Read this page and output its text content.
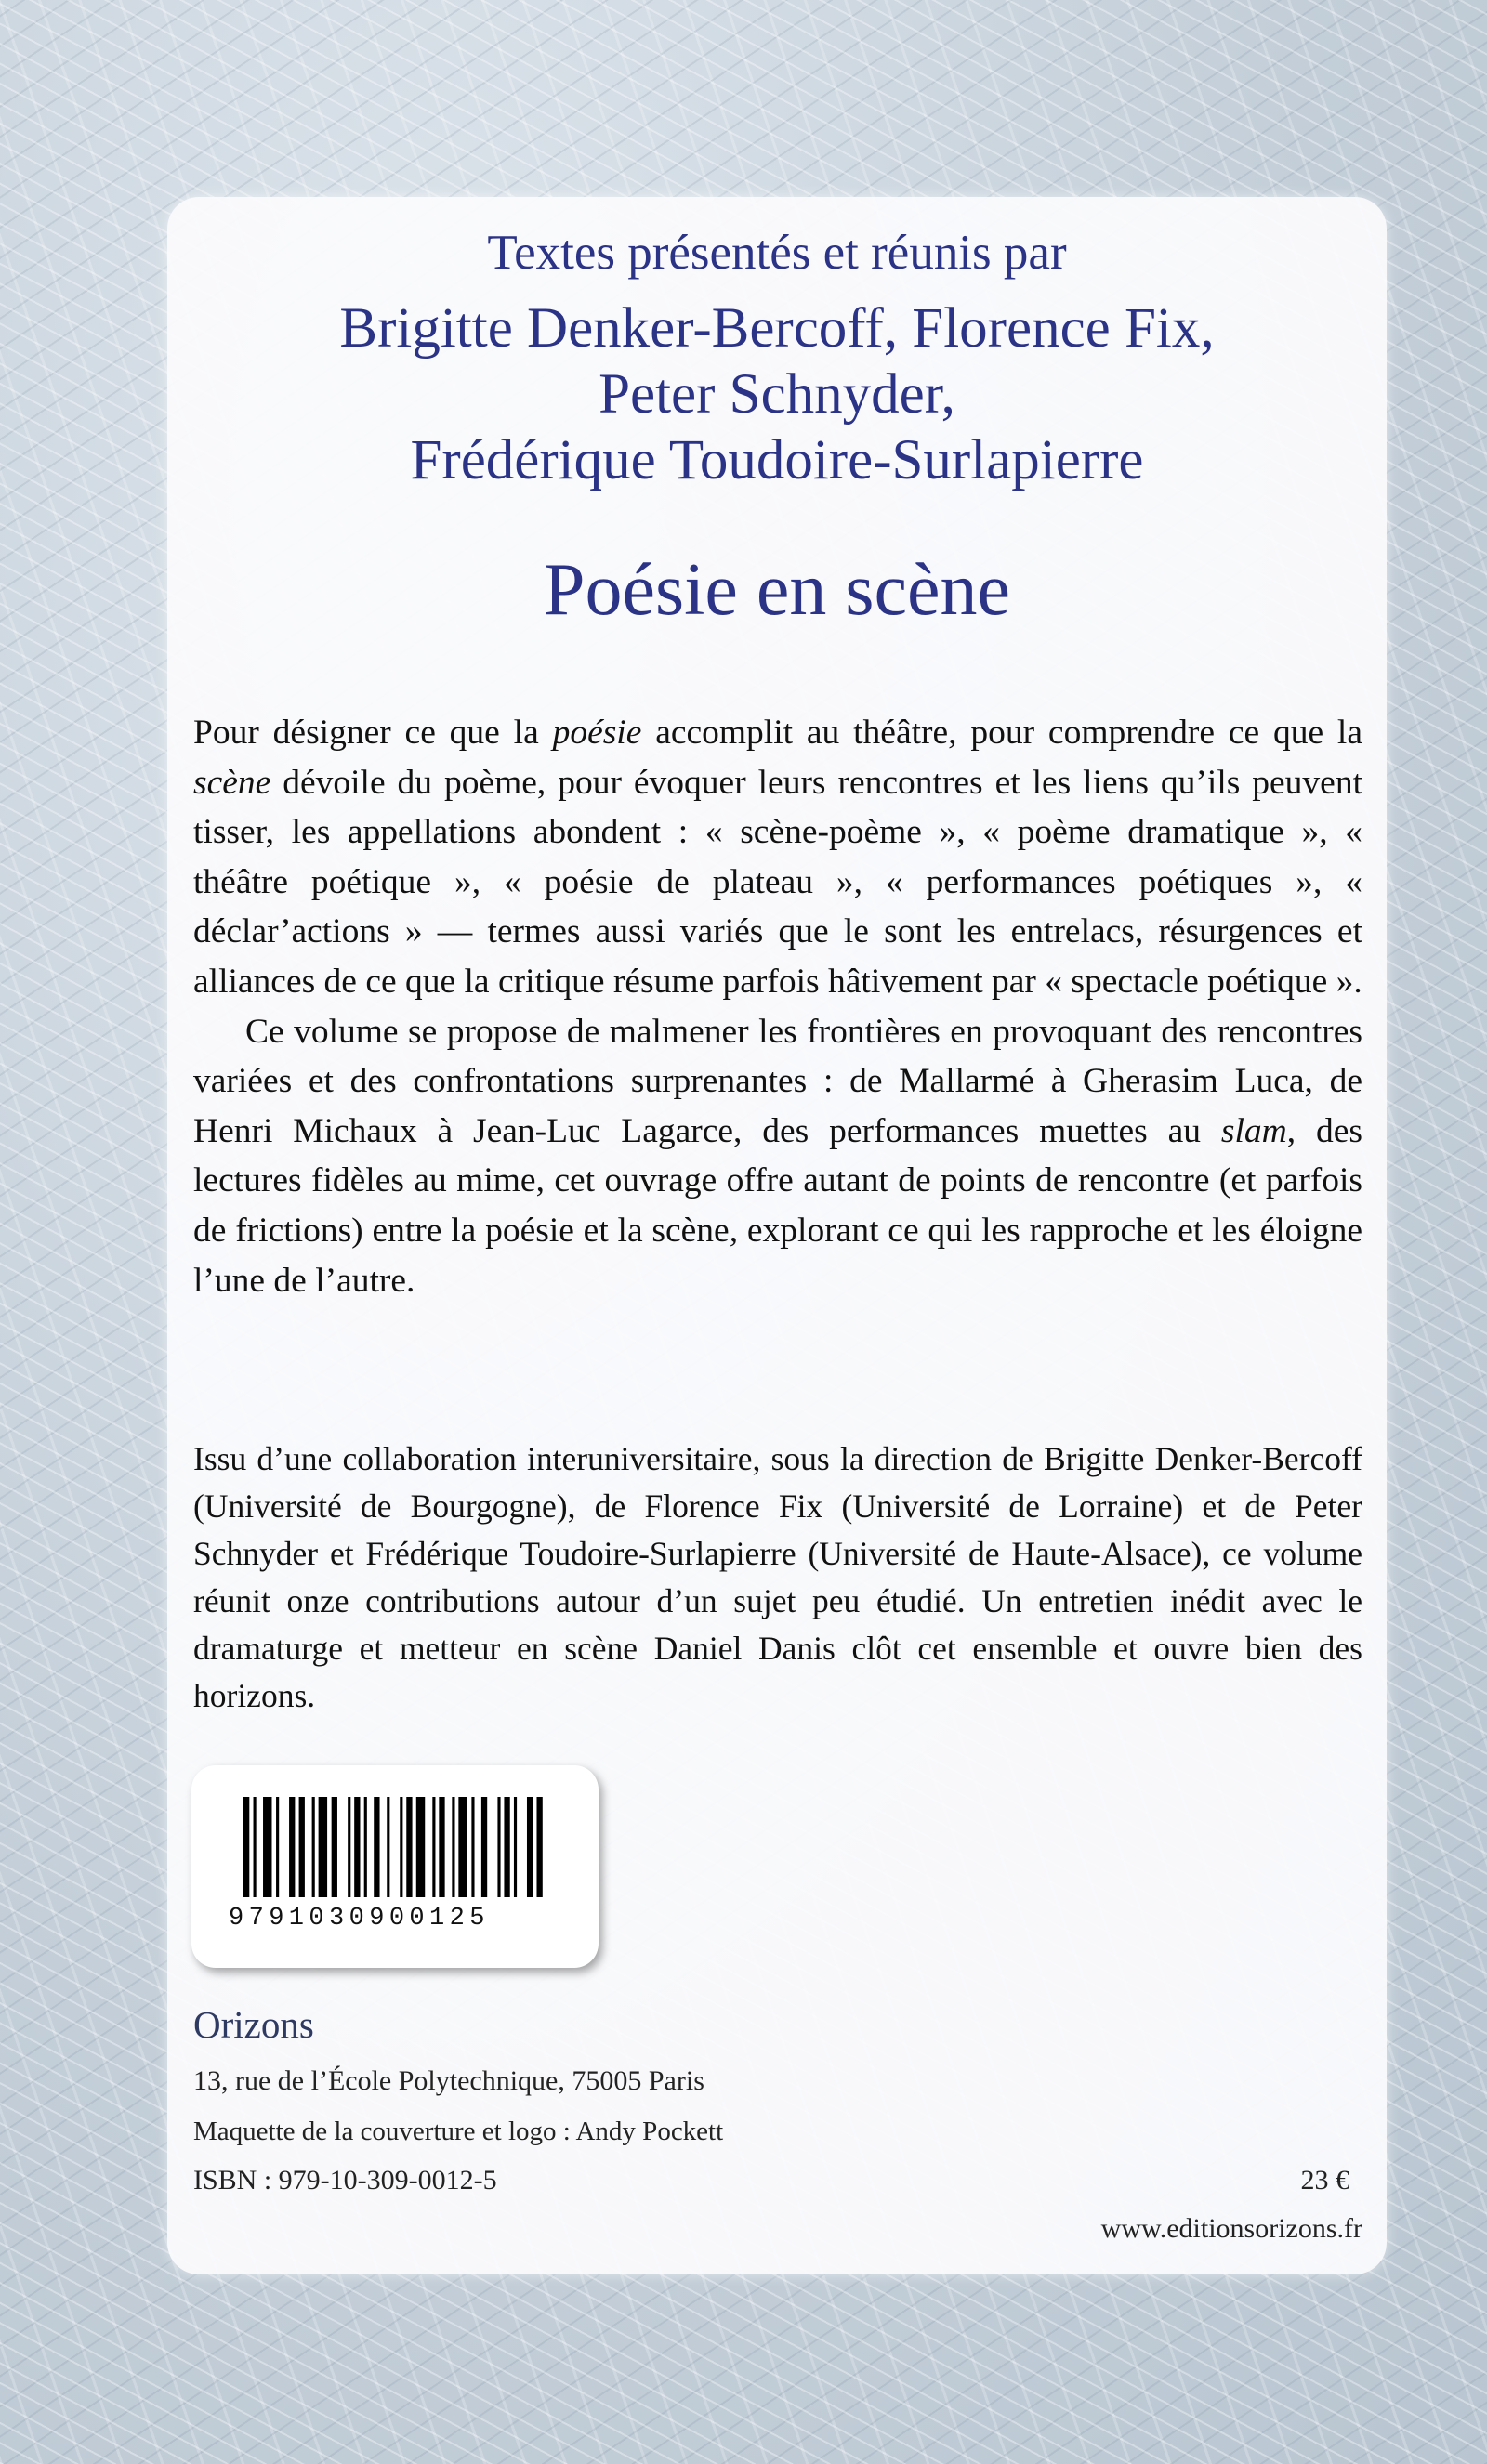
Textes présentés et réunis par
Brigitte Denker-Bercoff, Florence Fix,
Peter Schnyder,
Frédérique Toudoire-Surlapierre
Poésie en scène

Pour désigner ce que la poésie accomplit au théâtre, pour comprendre ce que la scène dévoile du poème, pour évoquer leurs rencontres et les liens qu’ils peuvent tisser, les appellations abondent : « scène-poème », « poème dramatique », « théâtre poétique », « poésie de plateau », « performances poétiques », « déclar’actions » — termes aussi variés que le sont les entrelacs, résurgences et alliances de ce que la critique résume parfois hâtivement par « spectacle poétique ».

Ce volume se propose de malmener les frontières en provoquant des rencontres variées et des confrontations surprenantes : de Mallarmé à Gherasim Luca, de Henri Michaux à Jean-Luc Lagarce, des performances muettes au slam, des lectures fidèles au mime, cet ouvrage offre autant de points de rencontre (et parfois de frictions) entre la poésie et la scène, explorant ce qui les rapproche et les éloigne l’une de l’autre.

Issu d’une collaboration interuniversitaire, sous la direction de Brigitte Denker-Bercoff (Université de Bourgogne), de Florence Fix (Université de Lorraine) et de Peter Schnyder et Frédérique Toudoire-Surlapierre (Université de Haute-Alsace), ce volume réunit onze contributions autour d’un sujet peu étudié. Un entretien inédit avec le dramaturge et metteur en scène Daniel Danis clôt cet ensemble et ouvre bien des horizons.

9791030900125
Orizons
13, rue de l’École Polytechnique, 75005 Paris
Maquette de la couverture et logo : Andy Pockett
ISBN : 979-10-309-0012-5	23 €
www.editionsorizons.fr
